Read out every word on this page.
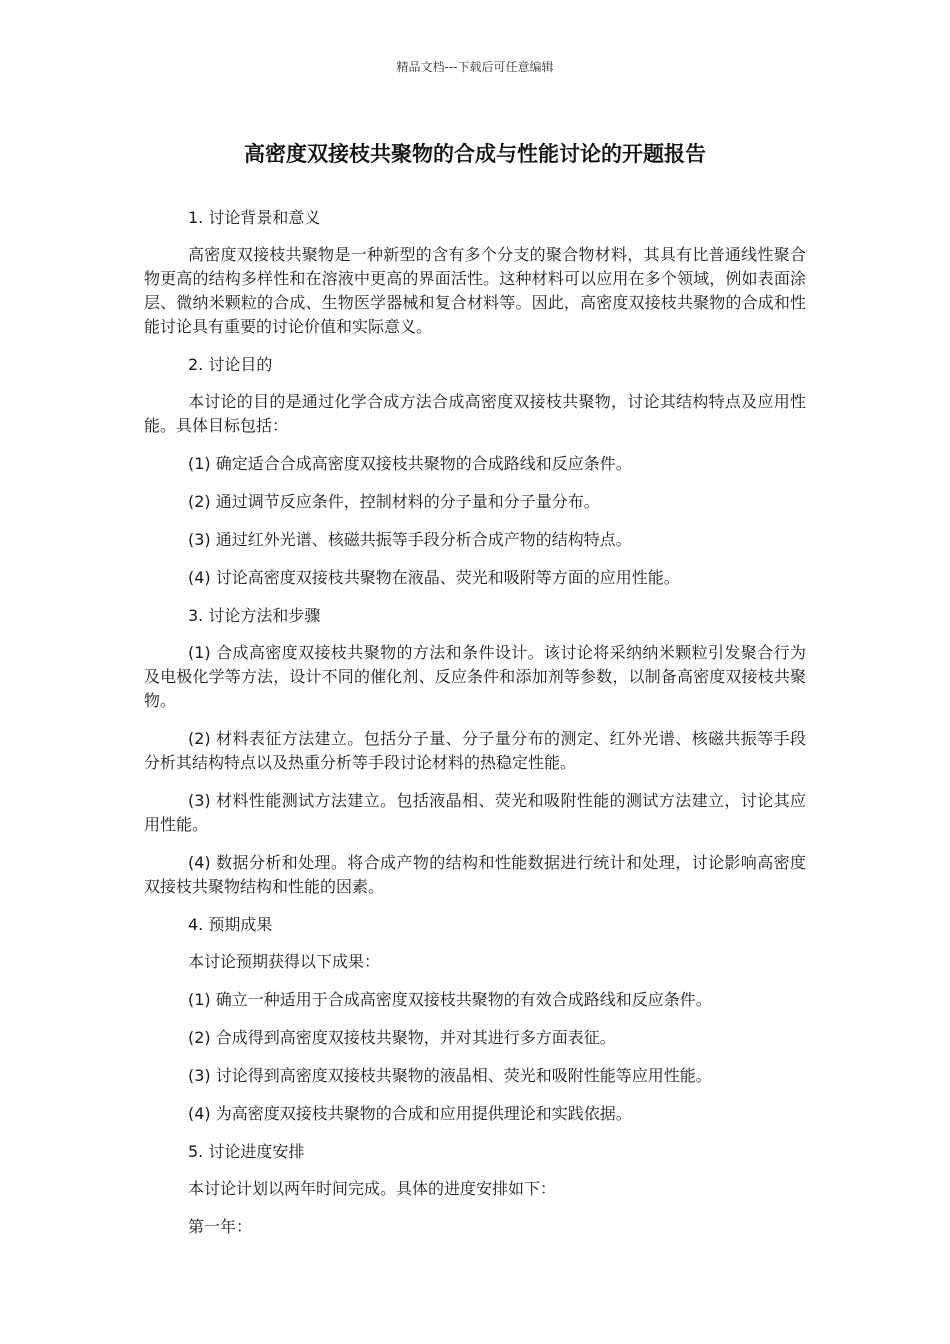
精品文档---下载后可任意编辑
高密度双接枝共聚物的合成与性能讨论的开题报告

1. 讨论背景和意义

高密度双接枝共聚物是一种新型的含有多个分支的聚合物材料，其具有比普通线性聚合物更高的结构多样性和在溶液中更高的界面活性。这种材料可以应用在多个领域，例如表面涂层、微纳米颗粒的合成、生物医学器械和复合材料等。因此，高密度双接枝共聚物的合成和性能讨论具有重要的讨论价值和实际意义。

2. 讨论目的

本讨论的目的是通过化学合成方法合成高密度双接枝共聚物，讨论其结构特点及应用性能。具体目标包括：

(1) 确定适合合成高密度双接枝共聚物的合成路线和反应条件。

(2) 通过调节反应条件，控制材料的分子量和分子量分布。

(3) 通过红外光谱、核磁共振等手段分析合成产物的结构特点。

(4) 讨论高密度双接枝共聚物在液晶、荧光和吸附等方面的应用性能。

3. 讨论方法和步骤

(1) 合成高密度双接枝共聚物的方法和条件设计。该讨论将采纳纳米颗粒引发聚合行为及电极化学等方法，设计不同的催化剂、反应条件和添加剂等参数，以制备高密度双接枝共聚物。

(2) 材料表征方法建立。包括分子量、分子量分布的测定、红外光谱、核磁共振等手段分析其结构特点以及热重分析等手段讨论材料的热稳定性能。

(3) 材料性能测试方法建立。包括液晶相、荧光和吸附性能的测试方法建立，讨论其应用性能。

(4) 数据分析和处理。将合成产物的结构和性能数据进行统计和处理，讨论影响高密度双接枝共聚物结构和性能的因素。

4. 预期成果

本讨论预期获得以下成果：

(1) 确立一种适用于合成高密度双接枝共聚物的有效合成路线和反应条件。

(2) 合成得到高密度双接枝共聚物，并对其进行多方面表征。

(3) 讨论得到高密度双接枝共聚物的液晶相、荧光和吸附性能等应用性能。

(4) 为高密度双接枝共聚物的合成和应用提供理论和实践依据。

5. 讨论进度安排

本讨论计划以两年时间完成。具体的进度安排如下：

第一年：
